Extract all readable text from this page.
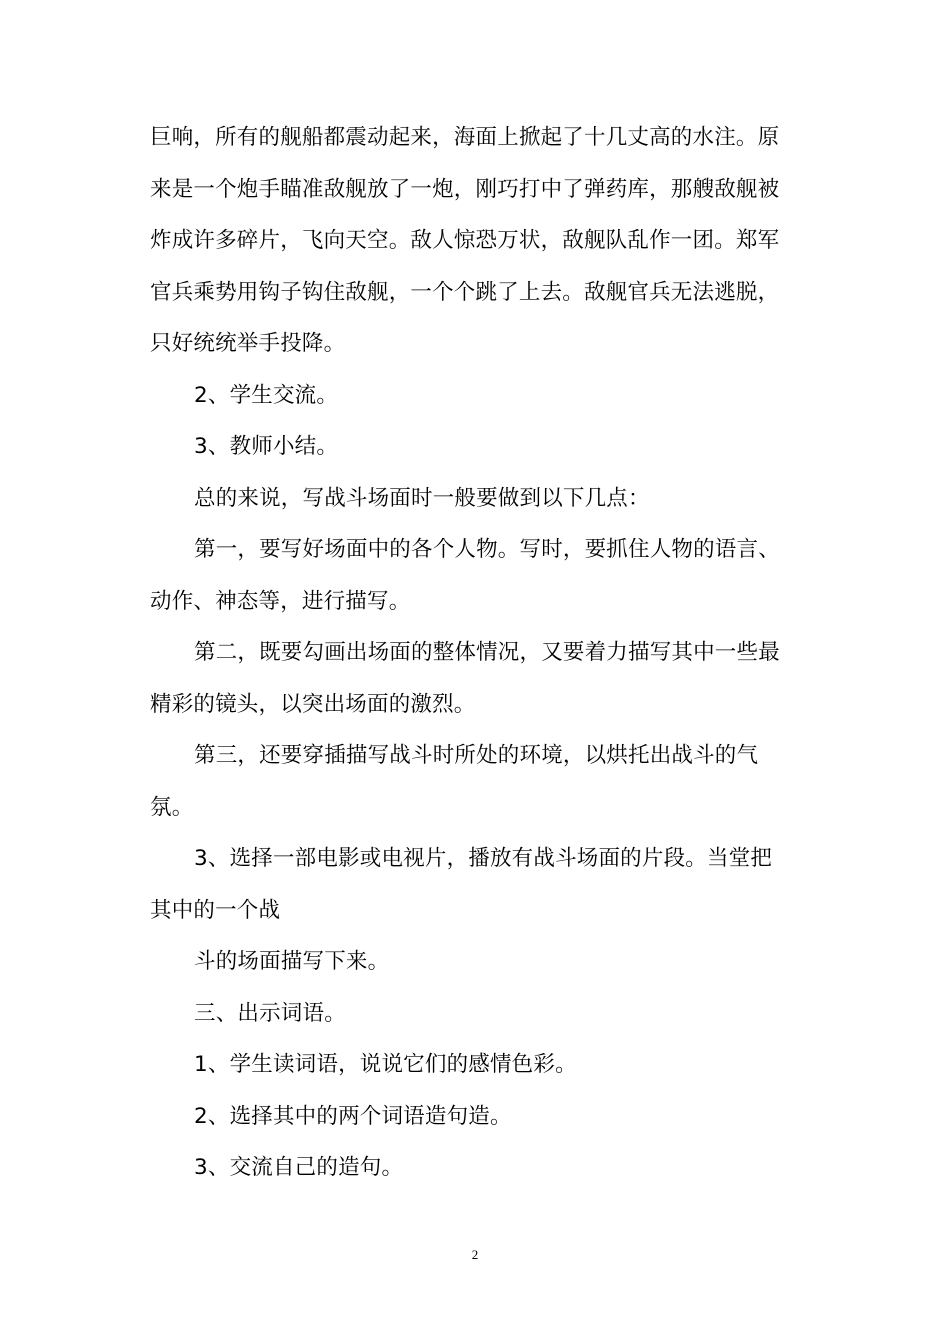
巨响，所有的舰船都震动起来，海面上掀起了十几丈高的水注。原
来是一个炮手瞄准敌舰放了一炮，刚巧打中了弹药库，那艘敌舰被
炸成许多碎片，飞向天空。敌人惊恐万状，敌舰队乱作一团。郑军
官兵乘势用钩子钩住敌舰，一个个跳了上去。敌舰官兵无法逃脱，
只好统统举手投降。
2、学生交流。
3、教师小结。
总的来说，写战斗场面时一般要做到以下几点：
第一，要写好场面中的各个人物。写时，要抓住人物的语言、
动作、神态等，进行描写。
第二，既要勾画出场面的整体情况，又要着力描写其中一些最
精彩的镜头，以突出场面的激烈。
第三，还要穿插描写战斗时所处的环境，以烘托出战斗的气
氛。
3、选择一部电影或电视片，播放有战斗场面的片段。当堂把
其中的一个战
斗的场面描写下来。
三、出示词语。
1、学生读词语，说说它们的感情色彩。
2、选择其中的两个词语造句造。
3、交流自己的造句。
2
